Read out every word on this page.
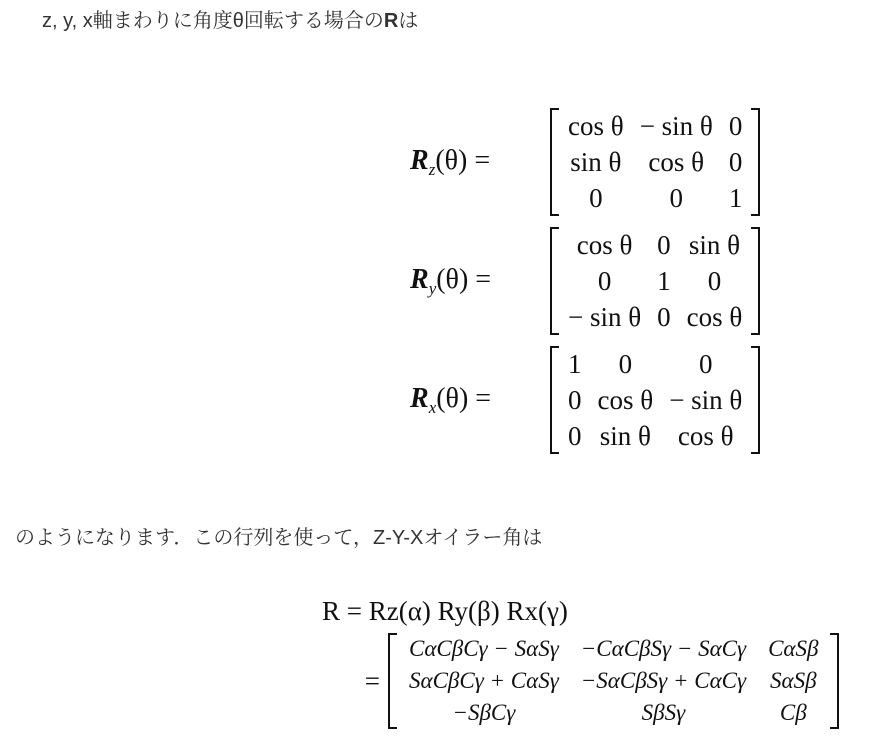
z, y, x軸まわりに角度θ回転する場合のRは
$R_z(\theta)$ =
cos θ	− sin θ	0
sin θ	cos θ	0
0	0	1
$R_y(\theta)$ =
cos θ	0	sin θ
0	1	0
− sin θ	0	cos θ
$R_x(\theta)$ =
1	0	0
0	cos θ	− sin θ
0	sin θ	cos θ
のようになります．この行列を使って，Z-Y-Xオイラー角は
R = Rz(α) Ry(β) Rx(γ)
=
CαCβCγ − SαSγ	−CαCβSγ − SαCγ	CαSβ
SαCβCγ + CαSγ	−SαCβSγ + CαCγ	SαSβ
−SβCγ	SβSγ	Cβ
